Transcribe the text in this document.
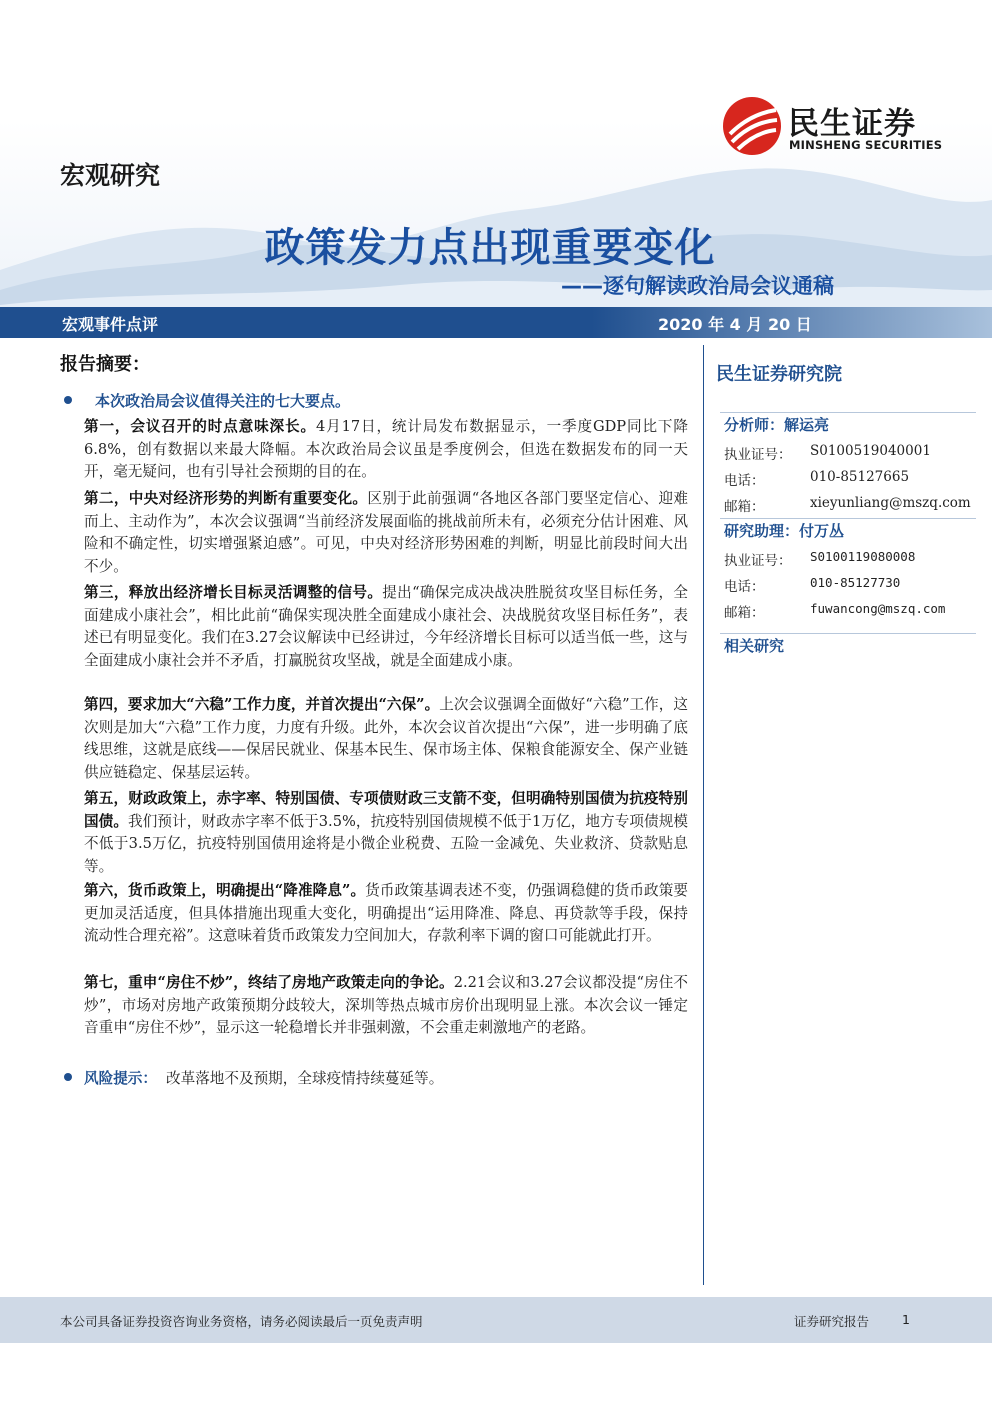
民生证券
MINSHENG SECURITIES
宏观研究
政策发力点出现重要变化
——逐句解读政治局会议通稿
宏观事件点评	2020 年 4 月 20 日
报告摘要：
本次政治局会议值得关注的七大要点。
第一，会议召开的时点意味深长。4月17日，统计局发布数据显示，一季度GDP同比下降6.8%，创有数据以来最大降幅。本次政治局会议虽是季度例会，但选在数据发布的同一天开，毫无疑问，也有引导社会预期的目的在。
第二，中央对经济形势的判断有重要变化。区别于此前强调“各地区各部门要坚定信心、迎难而上、主动作为”，本次会议强调“当前经济发展面临的挑战前所未有，必须充分估计困难、风险和不确定性，切实增强紧迫感”。可见，中央对经济形势困难的判断，明显比前段时间大出不少。
第三，释放出经济增长目标灵活调整的信号。提出“确保完成决战决胜脱贫攻坚目标任务，全面建成小康社会”，相比此前“确保实现决胜全面建成小康社会、决战脱贫攻坚目标任务”，表述已有明显变化。我们在3.27会议解读中已经讲过，今年经济增长目标可以适当低一些，这与全面建成小康社会并不矛盾，打赢脱贫攻坚战，就是全面建成小康。
第四，要求加大“六稳”工作力度，并首次提出“六保”。上次会议强调全面做好“六稳”工作，这次则是加大“六稳”工作力度，力度有升级。此外，本次会议首次提出“六保”，进一步明确了底线思维，这就是底线——保居民就业、保基本民生、保市场主体、保粮食能源安全、保产业链供应链稳定、保基层运转。
第五，财政政策上，赤字率、特别国债、专项债财政三支箭不变，但明确特别国债为抗疫特别国债。我们预计，财政赤字率不低于3.5%，抗疫特别国债规模不低于1万亿，地方专项债规模不低于3.5万亿，抗疫特别国债用途将是小微企业税费、五险一金减免、失业救济、贷款贴息等。
第六，货币政策上，明确提出“降准降息”。货币政策基调表述不变，仍强调稳健的货币政策要更加灵活适度，但具体措施出现重大变化，明确提出“运用降准、降息、再贷款等手段，保持流动性合理充裕”。这意味着货币政策发力空间加大，存款利率下调的窗口可能就此打开。
第七，重申“房住不炒”，终结了房地产政策走向的争论。2.21会议和3.27会议都没提“房住不炒”，市场对房地产政策预期分歧较大，深圳等热点城市房价出现明显上涨。本次会议一锤定音重申“房住不炒”，显示这一轮稳增长并非强刺激，不会重走刺激地产的老路。
风险提示： 改革落地不及预期，全球疫情持续蔓延等。
民生证券研究院
分析师：解运亮
执业证号： S0100519040001
电话：	010-85127665
邮箱：	xieyunliang@mszq.com
研究助理：付万丛
执业证号： S0100119080008
电话：	010-85127730
邮箱：	fuwancong@mszq.com
相关研究
本公司具备证券投资咨询业务资格，请务必阅读最后一页免责声明	证券研究报告	1
